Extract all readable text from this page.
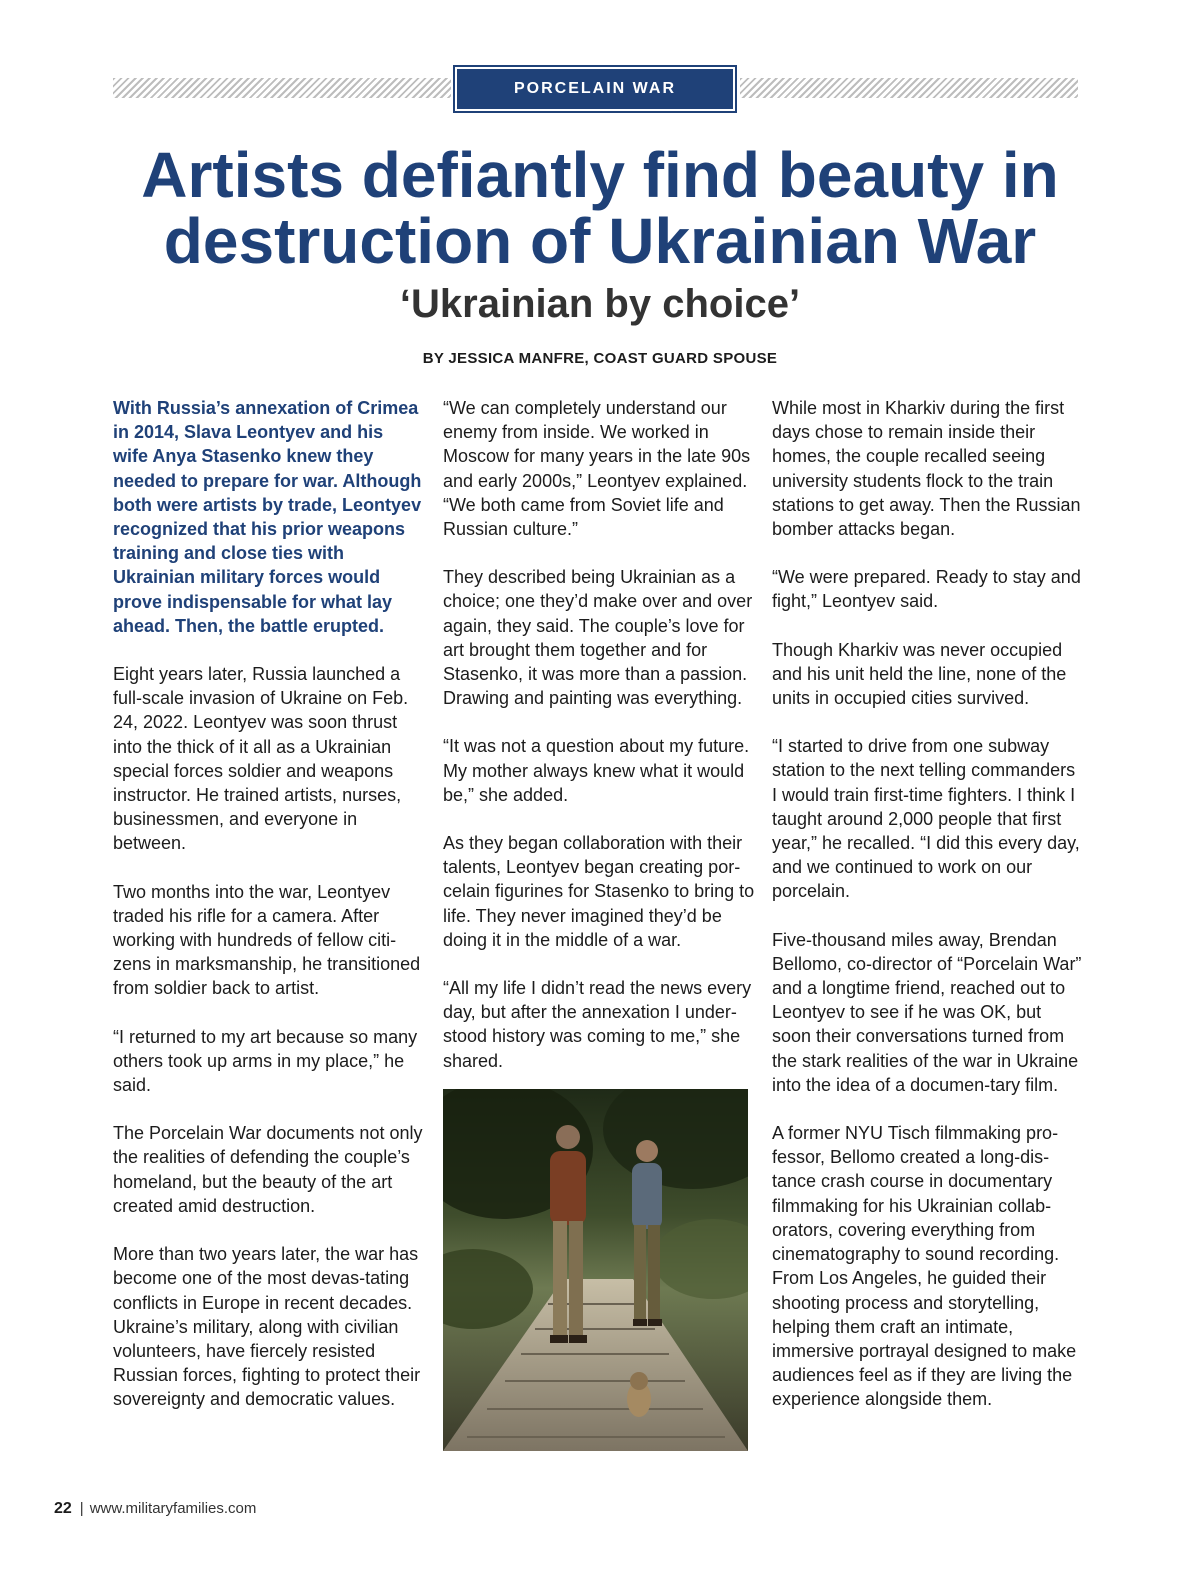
PORCELAIN WAR
Artists defiantly find beauty in destruction of Ukrainian War
‘Ukrainian by choice’
BY JESSICA MANFRE, COAST GUARD SPOUSE

With Russia’s annexation of Crimea in 2014, Slava Leontyev and his wife Anya Stasenko knew they needed to prepare for war. Although both were artists by trade, Leontyev recognized that his prior weapons training and close ties with Ukrainian military forces would prove indispensable for what lay ahead. Then, the battle erupted.

Eight years later, Russia launched a full-scale invasion of Ukraine on Feb. 24, 2022. Leontyev was soon thrust into the thick of it all as a Ukrainian special forces soldier and weapons instructor. He trained artists, nurses, businessmen, and everyone in between.

Two months into the war, Leontyev traded his rifle for a camera. After working with hundreds of fellow citi-zens in marksmanship, he transitioned from soldier back to artist.

“I returned to my art because so many others took up arms in my place,” he said.

The Porcelain War documents not only the realities of defending the couple’s homeland, but the beauty of the art created amid destruction.

More than two years later, the war has become one of the most devas-tating conflicts in Europe in recent decades. Ukraine’s military, along with civilian volunteers, have fiercely resisted Russian forces, fighting to protect their sovereignty and democratic values.

“We can completely understand our enemy from inside. We worked in Moscow for many years in the late 90s and early 2000s,” Leontyev explained. “We both came from Soviet life and Russian culture.”

They described being Ukrainian as a choice; one they’d make over and over again, they said. The couple’s love for art brought them together and for Stasenko, it was more than a passion. Drawing and painting was everything.

“It was not a question about my future. My mother always knew what it would be,” she added.

As they began collaboration with their talents, Leontyev began creating por-celain figurines for Stasenko to bring to life. They never imagined they’d be doing it in the middle of a war.

“All my life I didn’t read the news every day, but after the annexation I under-stood history was coming to me,” she shared.

While most in Kharkiv during the first days chose to remain inside their homes, the couple recalled seeing university students flock to the train stations to get away. Then the Russian bomber attacks began.

“We were prepared. Ready to stay and fight,” Leontyev said.

Though Kharkiv was never occupied and his unit held the line, none of the units in occupied cities survived.

“I started to drive from one subway station to the next telling commanders I would train first-time fighters. I think I taught around 2,000 people that first year,” he recalled. “I did this every day, and we continued to work on our porcelain.

Five-thousand miles away, Brendan Bellomo, co-director of “Porcelain War” and a longtime friend, reached out to Leontyev to see if he was OK, but soon their conversations turned from the stark realities of the war in Ukraine into the idea of a documen-tary film.

A former NYU Tisch filmmaking pro-fessor, Bellomo created a long-dis-tance crash course in documentary filmmaking for his Ukrainian collab-orators, covering everything from cinematography to sound recording. From Los Angeles, he guided their shooting process and storytelling, helping them craft an intimate, immersive portrayal designed to make audiences feel as if they are living the experience alongside them.

22 | www.militaryfamilies.com
